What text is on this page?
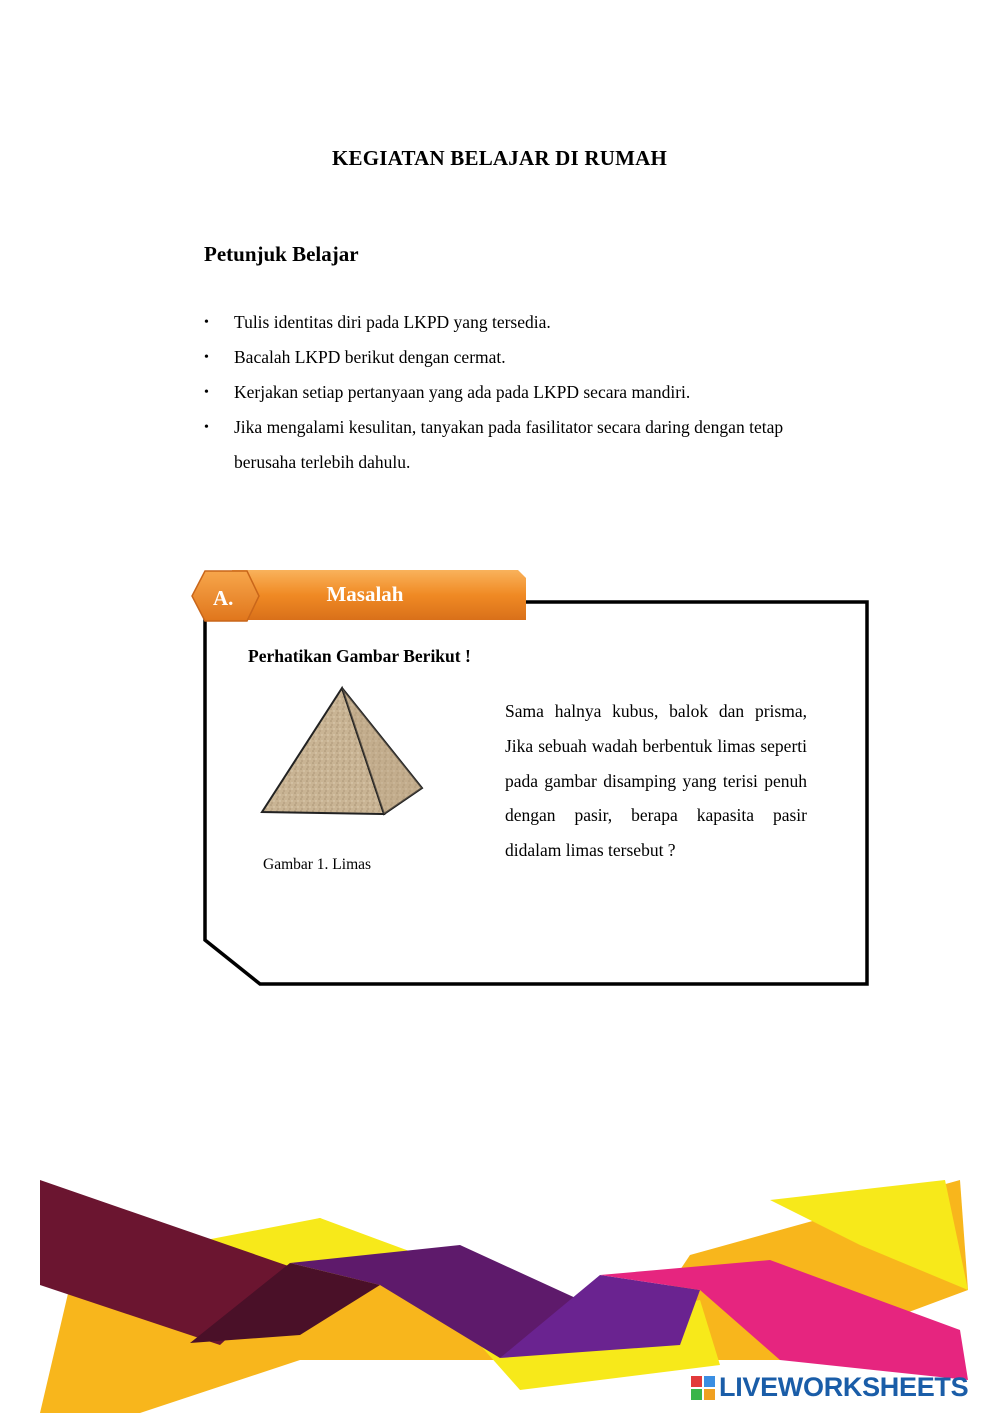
KEGIATAN BELAJAR DI RUMAH
Petunjuk Belajar
•	Tulis identitas diri pada LKPD yang tersedia.
•	Bacalah LKPD berikut dengan cermat.
•	Kerjakan setiap pertanyaan yang ada pada LKPD secara mandiri.
•	Jika mengalami kesulitan, tanyakan pada fasilitator secara daring dengan tetap berusaha terlebih dahulu.
A.	Masalah
Perhatikan Gambar Berikut !
Gambar 1. Limas

Sama halnya kubus, balok dan prisma, Jika sebuah wadah berbentuk limas seperti pada gambar disamping yang terisi penuh dengan pasir, berapa kapasita pasir didalam limas tersebut ?

LIVEWORKSHEETS
